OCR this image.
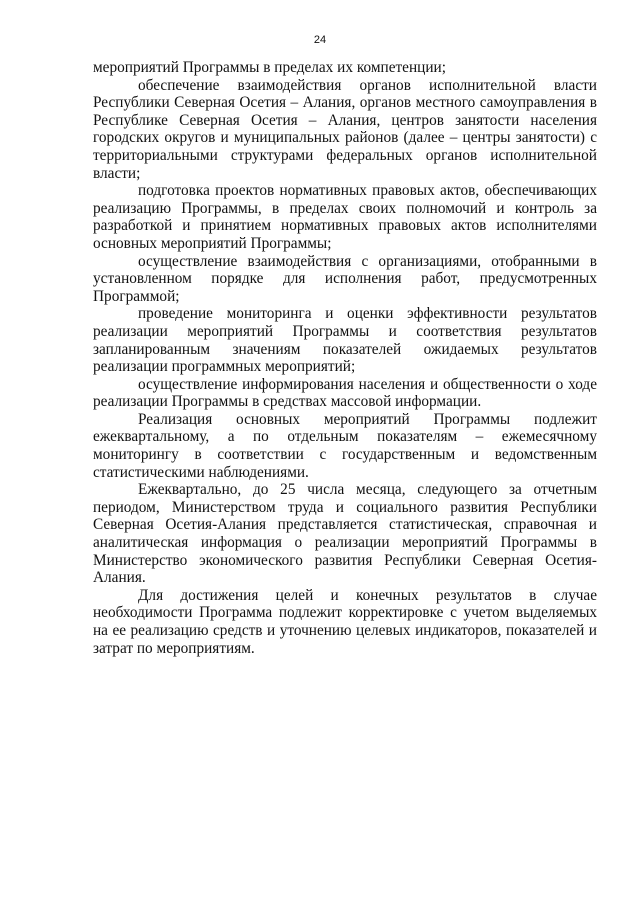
24

мероприятий Программы в пределах их компетенции;

обеспечение взаимодействия органов исполнительной власти Республики Северная Осетия – Алания, органов местного самоуправления в Республике Северная Осетия – Алания, центров занятости населения городских округов и муниципальных районов (далее – центры занятости) с территориальными структурами федеральных органов исполнительной власти;

подготовка проектов нормативных правовых актов, обеспечивающих реализацию Программы, в пределах своих полномочий и контроль за разработкой и принятием нормативных правовых актов исполнителями основных мероприятий Программы;

осуществление взаимодействия с организациями, отобранными в установленном порядке для исполнения работ, предусмотренных Программой;

проведение мониторинга и оценки эффективности результатов реализации мероприятий Программы и соответствия результатов запланированным значениям показателей ожидаемых результатов реализации программных мероприятий;

осуществление информирования населения и общественности о ходе реализации Программы в средствах массовой информации.

Реализация основных мероприятий Программы подлежит ежеквартальному, а по отдельным показателям – ежемесячному мониторингу в соответствии с государственным и ведомственным статистическими наблюдениями.

Ежеквартально, до 25 числа месяца, следующего за отчетным периодом, Министерством труда и социального развития Республики Северная Осетия-Алания представляется статистическая, справочная и аналитическая информация о реализации мероприятий Программы в Министерство экономического развития Республики Северная Осетия-Алания.

Для достижения целей и конечных результатов в случае необходимости Программа подлежит корректировке с учетом выделяемых на ее реализацию средств и уточнению целевых индикаторов, показателей и затрат по мероприятиям.
